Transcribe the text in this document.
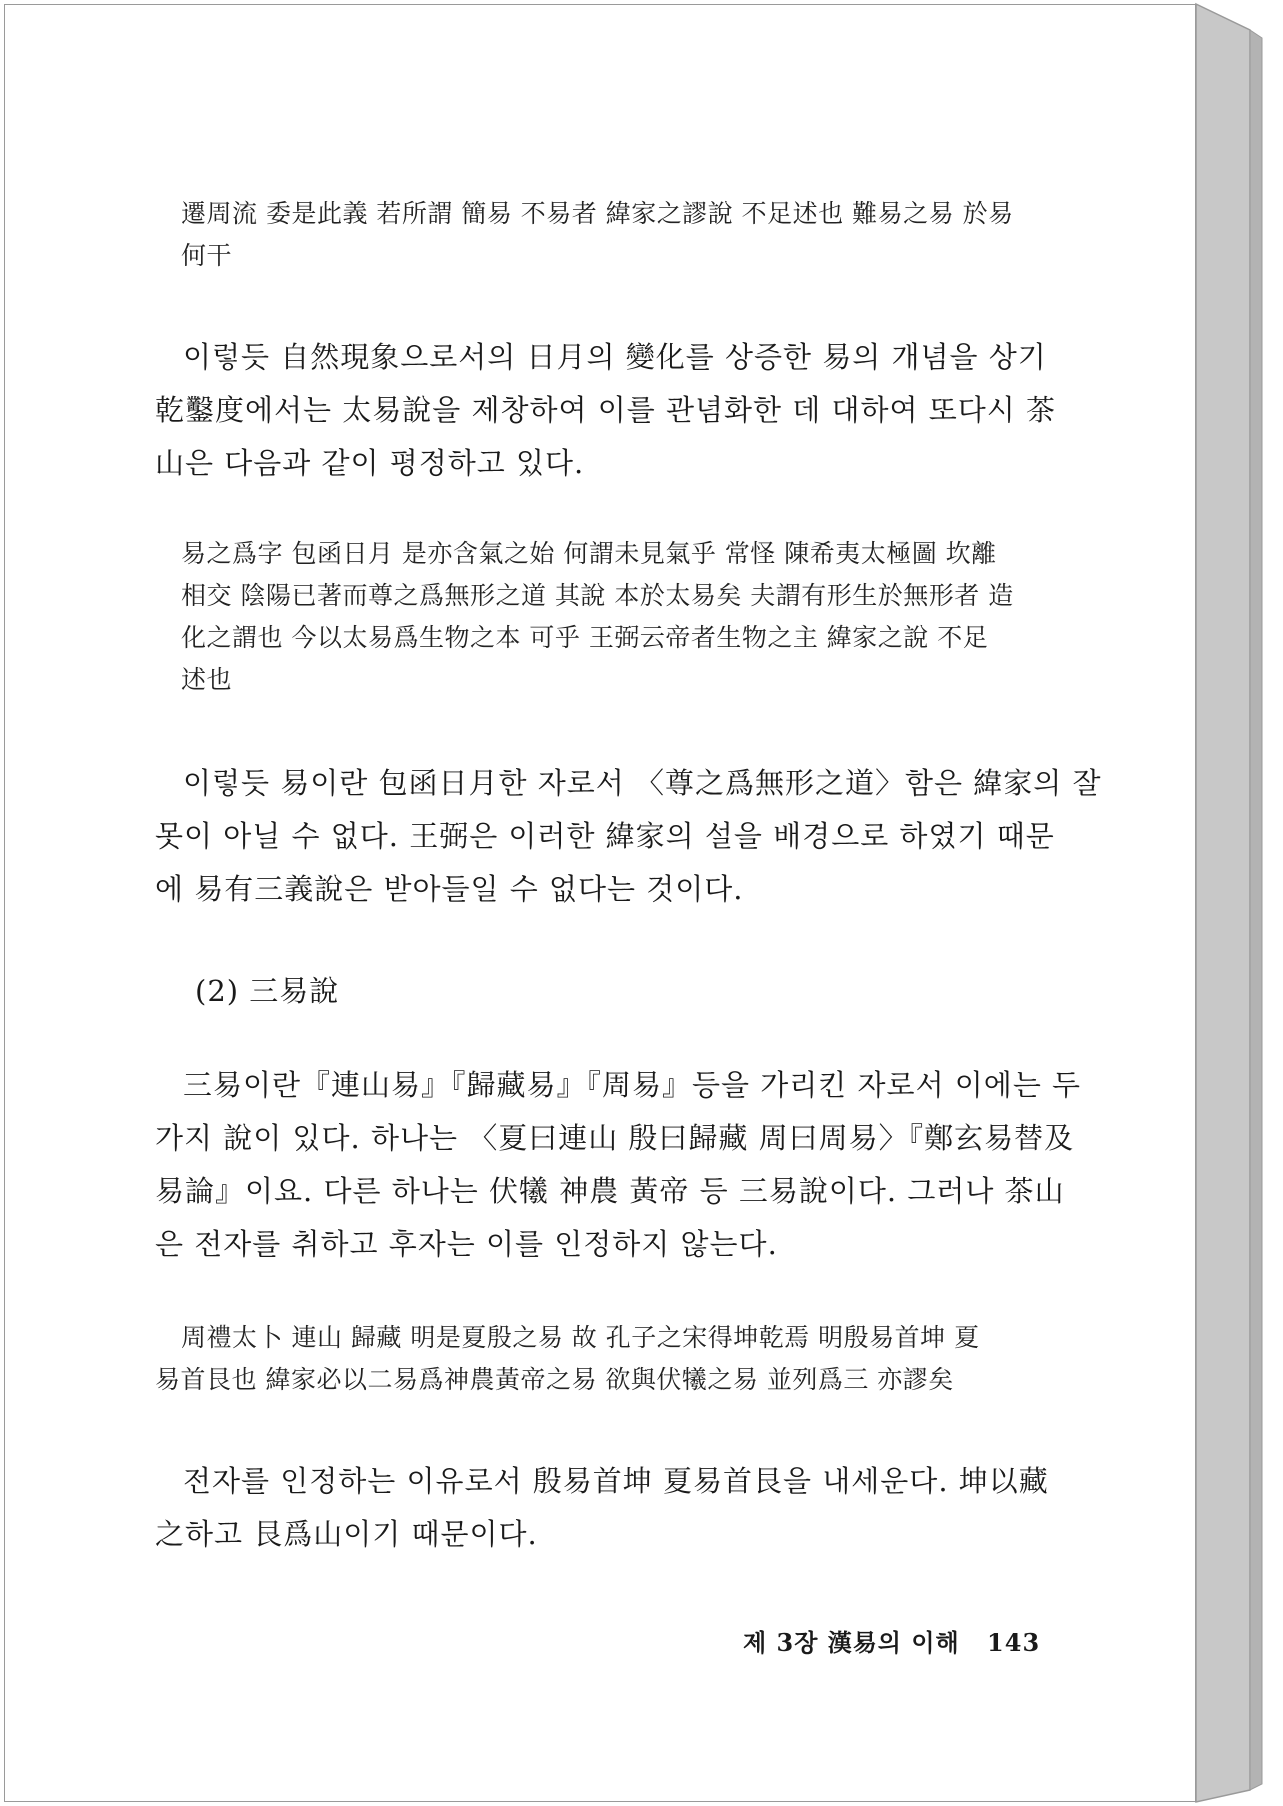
遷周流 委是此義 若所謂 簡易 不易者 緯家之謬說 不足述也 難易之易 於易
何干
이렇듯 自然現象으로서의 日月의 變化를 상증한 易의 개념을 상기
乾鑿度에서는 太易說을 제창하여 이를 관념화한 데 대하여 또다시 茶
山은 다음과 같이 평정하고 있다.
易之爲字 包函日月 是亦含氣之始 何謂未見氣乎 常怪 陳希夷太極圖 坎離
相交 陰陽已著而尊之爲無形之道 其說 本於太易矣 夫謂有形生於無形者 造
化之謂也 今以太易爲生物之本 可乎 王弼云帝者生物之主 緯家之說 不足
述也
이렇듯 易이란 包函日月한 자로서 〈尊之爲無形之道〉함은 緯家의 잘
못이 아닐 수 없다. 王弼은 이러한 緯家의 설을 배경으로 하였기 때문
에 易有三義說은 받아들일 수 없다는 것이다.
(2) 三易說
三易이란『連山易』『歸藏易』『周易』등을 가리킨 자로서 이에는 두
가지 說이 있다. 하나는 〈夏曰連山 殷曰歸藏 周曰周易〉『鄭玄易替及
易論』이요. 다른 하나는 伏犧 神農 黃帝 등 三易說이다. 그러나 茶山
은 전자를 취하고 후자는 이를 인정하지 않는다.
周禮太卜 連山 歸藏 明是夏殷之易 故 孔子之宋得坤乾焉 明殷易首坤 夏
易首艮也 緯家必以二易爲神農黃帝之易 欲與伏犧之易 並列爲三 亦謬矣
전자를 인정하는 이유로서 殷易首坤 夏易首艮을 내세운다. 坤以藏
之하고 艮爲山이기 때문이다.
제 3장 漢易의 이해 143
